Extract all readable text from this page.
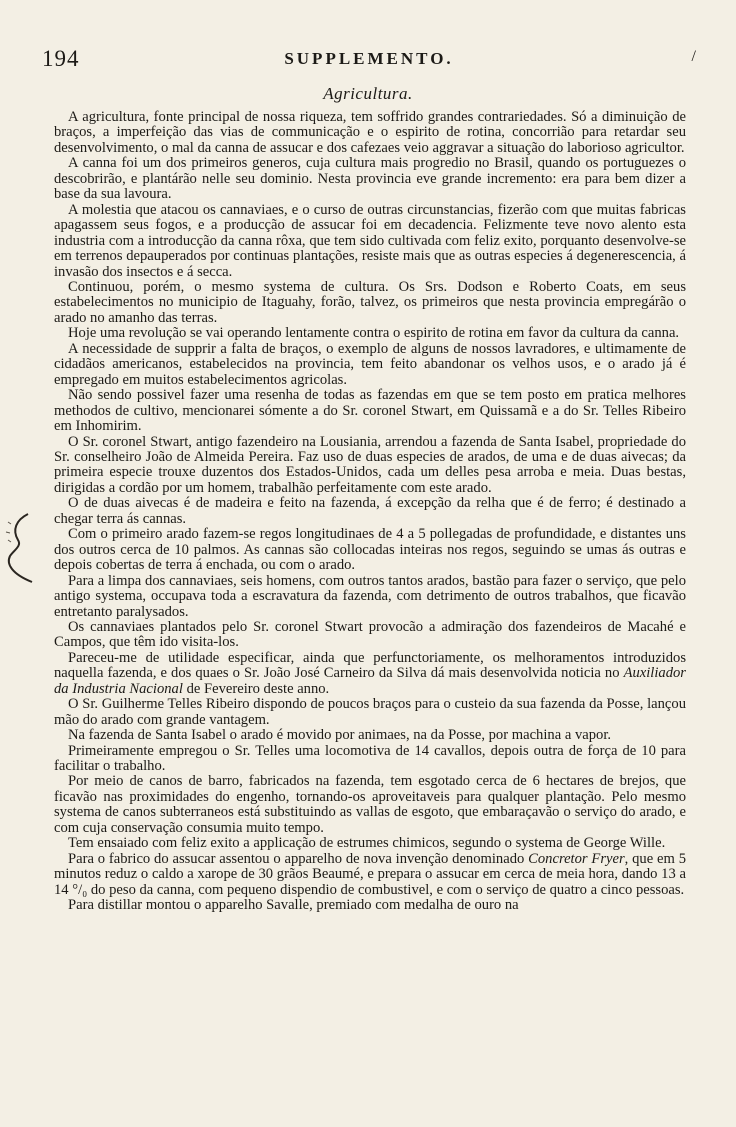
194	SUPPLEMENTO.	/
Agricultura.

A agricultura, fonte principal de nossa riqueza, tem soffrido grandes contrariedades. Só a diminuição de braços, a imperfeição das vias de communicação e o espirito de rotina, concorrião para retardar seu desenvolvimento, o mal da canna de assucar e dos cafezaes veio aggravar a situação do laborioso agricultor.

A canna foi um dos primeiros generos, cuja cultura mais progredio no Brasil, quando os portuguezes o descobrirão, e plantárão nelle seu dominio. Nesta provincia eve grande incremento: era para bem dizer a base da sua lavoura.

A molestia que atacou os cannaviaes, e o curso de outras circunstancias, fizerão com que muitas fabricas apagassem seus fogos, e a producção de assucar foi em decadencia. Felizmente teve novo alento esta industria com a introducção da canna rôxa, que tem sido cultivada com feliz exito, porquanto desenvolve-se em terrenos depauperados por continuas plantações, resiste mais que as outras especies á degenerescencia, á invasão dos insectos e á secca.

Continuou, porém, o mesmo systema de cultura. Os Srs. Dodson e Roberto Coats, em seus estabelecimentos no municipio de Itaguahy, forão, talvez, os primeiros que nesta provincia empregárão o arado no amanho das terras.

Hoje uma revolução se vai operando lentamente contra o espirito de rotina em favor da cultura da canna.

A necessidade de supprir a falta de braços, o exemplo de alguns de nossos lavradores, e ultimamente de cidadãos americanos, estabelecidos na provincia, tem feito abandonar os velhos usos, e o arado já é empregado em muitos estabelecimentos agricolas.

Não sendo possivel fazer uma resenha de todas as fazendas em que se tem posto em pratica melhores methodos de cultivo, mencionarei sómente a do Sr. coronel Stwart, em Quissamã e a do Sr. Telles Ribeiro em Inhomirim.

O Sr. coronel Stwart, antigo fazendeiro na Lousiania, arrendou a fazenda de Santa Isabel, propriedade do Sr. conselheiro João de Almeida Pereira. Faz uso de duas especies de arados, de uma e de duas aivecas; da primeira especie trouxe duzentos dos Estados-Unidos, cada um delles pesa arroba e meia. Duas bestas, dirigidas a cordão por um homem, trabalhão perfeitamente com este arado.

O de duas aivecas é de madeira e feito na fazenda, á excepção da relha que é de ferro; é destinado a chegar terra ás cannas.

Com o primeiro arado fazem-se regos longitudinaes de 4 a 5 pollegadas de profundidade, e distantes uns dos outros cerca de 10 palmos. As cannas são collocadas inteiras nos regos, seguindo se umas ás outras e depois cobertas de terra á enchada, ou com o arado.

Para a limpa dos cannaviaes, seis homens, com outros tantos arados, bastão para fazer o serviço, que pelo antigo systema, occupava toda a escravatura da fazenda, com detrimento de outros trabalhos, que ficavão entretanto paralysados.

Os cannaviaes plantados pelo Sr. coronel Stwart provocão a admiração dos fazendeiros de Macahé e Campos, que têm ido visita-los.

Pareceu-me de utilidade especificar, ainda que perfunctoriamente, os melhoramentos introduzidos naquella fazenda, e dos quaes o Sr. João José Carneiro da Silva dá mais desenvolvida noticia no Auxiliador da Industria Nacional de Fevereiro deste anno.

O Sr. Guilherme Telles Ribeiro dispondo de poucos braços para o custeio da sua fazenda da Posse, lançou mão do arado com grande vantagem.

Na fazenda de Santa Isabel o arado é movido por animaes, na da Posse, por machina a vapor.

Primeiramente empregou o Sr. Telles uma locomotiva de 14 cavallos, depois outra de força de 10 para facilitar o trabalho.

Por meio de canos de barro, fabricados na fazenda, tem esgotado cerca de 6 hectares de brejos, que ficavão nas proximidades do engenho, tornando-os aproveitaveis para qualquer plantação. Pelo mesmo systema de canos subterraneos está substituindo as vallas de esgoto, que embaraçavão o serviço do arado, e com cuja conservação consumia muito tempo.

Tem ensaiado com feliz exito a applicação de estrumes chimicos, segundo o systema de George Wille.

Para o fabrico do assucar assentou o apparelho de nova invenção denominado Concretor Fryer, que em 5 minutos reduz o caldo a xarope de 30 grãos Beaumé, e prepara o assucar em cerca de meia hora, dando 13 a 14 °/₀ do peso da canna, com pequeno dispendio de combustivel, e com o serviço de quatro a cinco pessoas.

Para distillar montou o apparelho Savalle, premiado com medalha de ouro na
